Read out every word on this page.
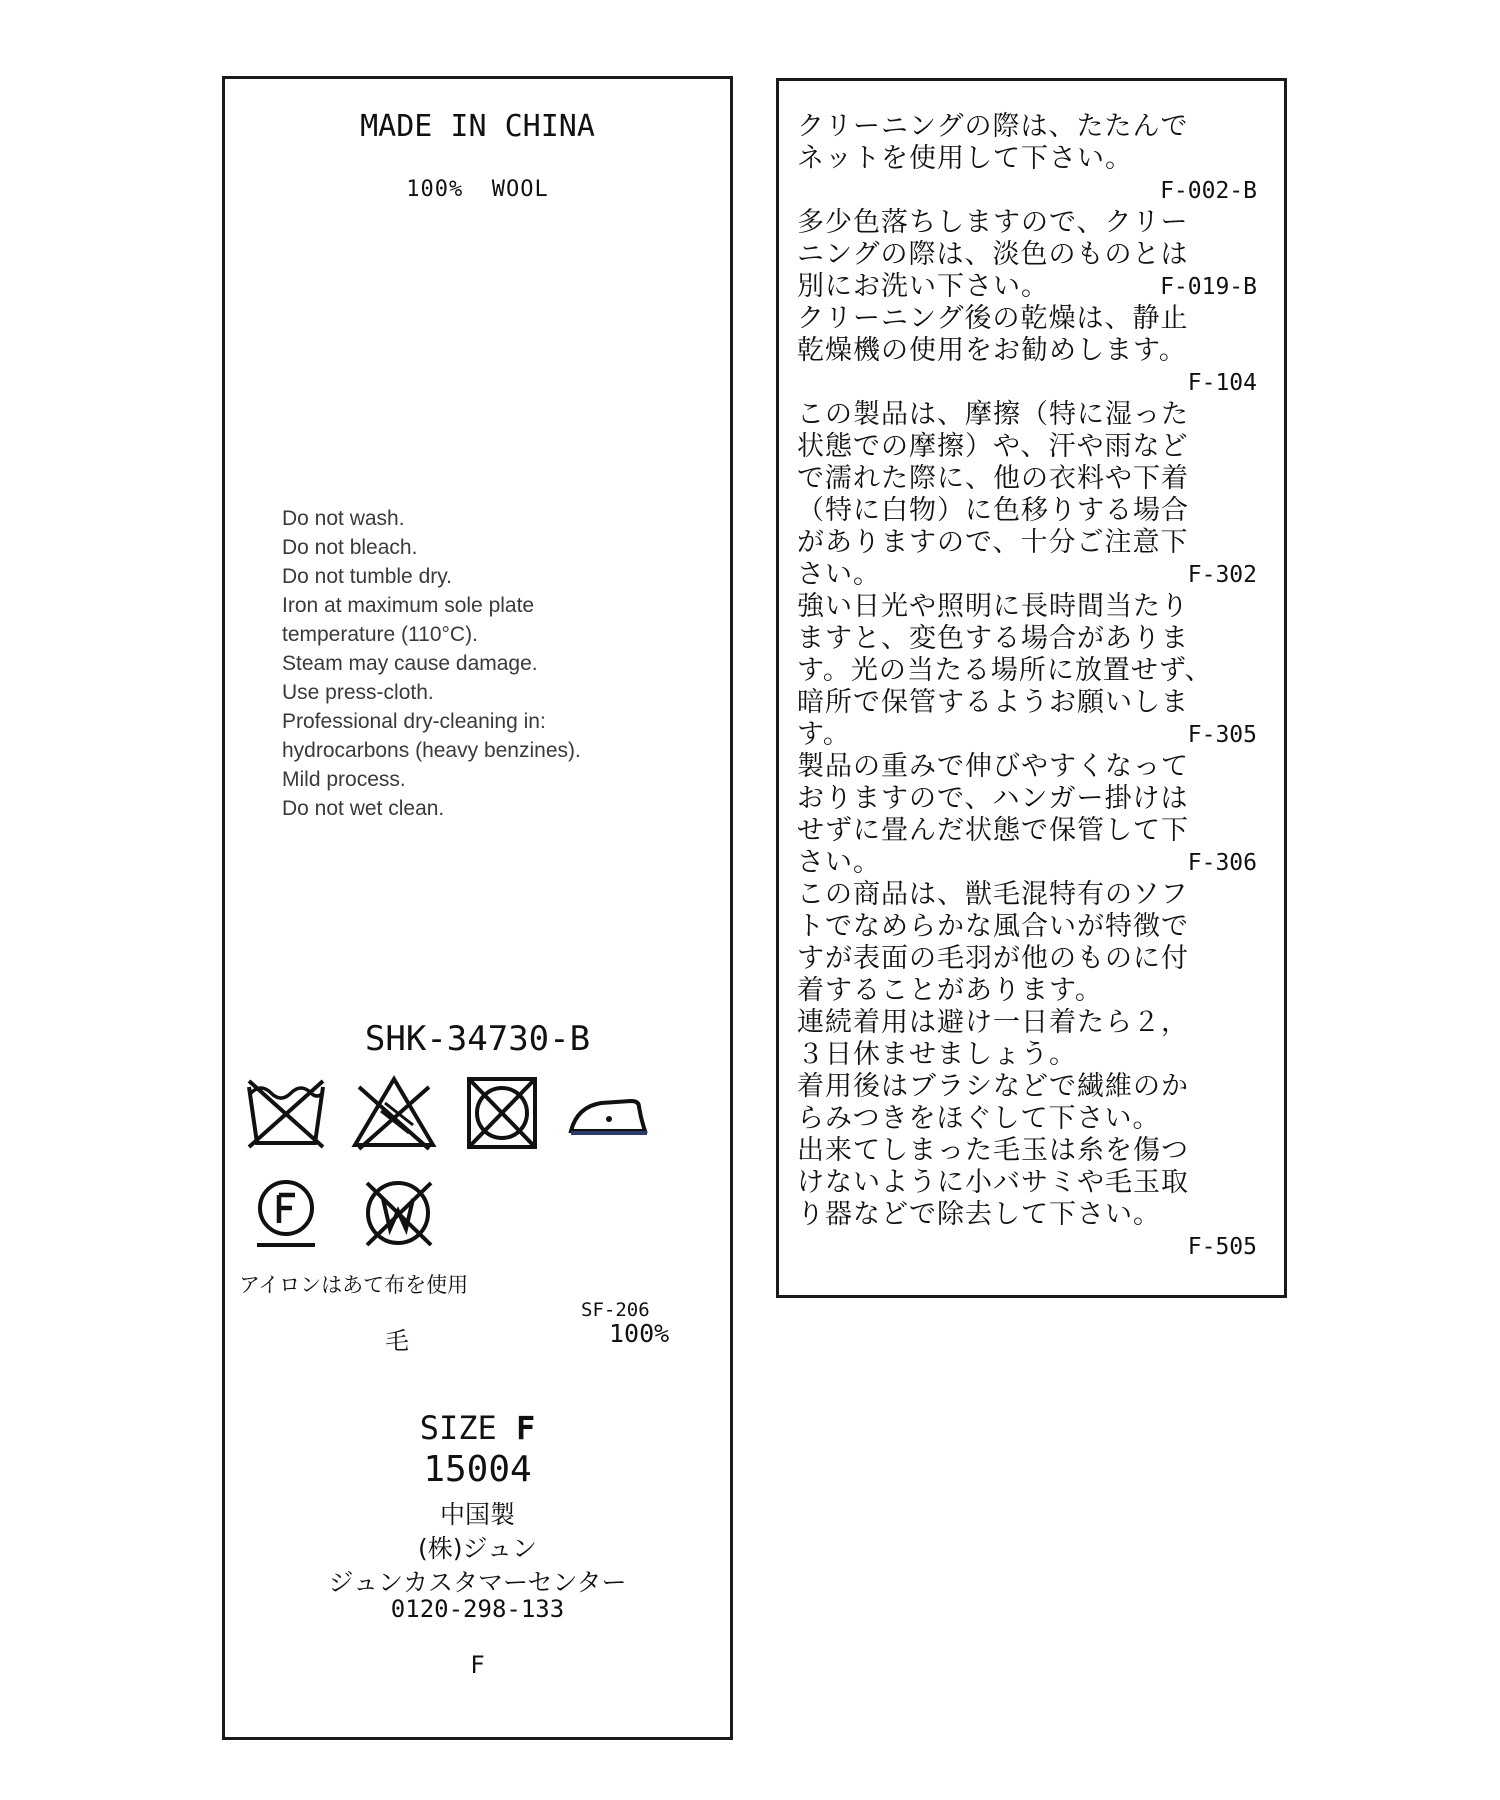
MADE IN CHINA
100%  WOOL
Do not wash.
Do not bleach.
Do not tumble dry.
Iron at maximum sole plate
temperature (110°C).
Steam may cause damage.
Use press-cloth.
Professional dry-cleaning in:
hydrocarbons (heavy benzines).
Mild process.
Do not wet clean.
SHK-34730-B
アイロンはあて布を使用
SF-206
毛	100%
SIZE F
15004
中国製
(株)ジュン
ジュンカスタマーセンター
0120-298-133
F
クリーニングの際は、たたんで
ネットを使用して下さい。
F-002-B
多少色落ちしますので、クリー
ニングの際は、淡色のものとは
別にお洗い下さい。	F-019-B
クリーニング後の乾燥は、静止
乾燥機の使用をお勧めします。
F-104
この製品は、摩擦（特に湿った
状態での摩擦）や、汗や雨など
で濡れた際に、他の衣料や下着
（特に白物）に色移りする場合
がありますので、十分ご注意下
さい。	F-302
強い日光や照明に長時間当たり
ますと、変色する場合がありま
す。光の当たる場所に放置せず、
暗所で保管するようお願いしま
す。	F-305
製品の重みで伸びやすくなって
おりますので、ハンガー掛けは
せずに畳んだ状態で保管して下
さい。	F-306
この商品は、獣毛混特有のソフ
トでなめらかな風合いが特徴で
すが表面の毛羽が他のものに付
着することがあります。
連続着用は避け一日着たら２，
３日休ませましょう。
着用後はブラシなどで繊維のか
らみつきをほぐして下さい。
出来てしまった毛玉は糸を傷つ
けないように小バサミや毛玉取
り器などで除去して下さい。
F-505
